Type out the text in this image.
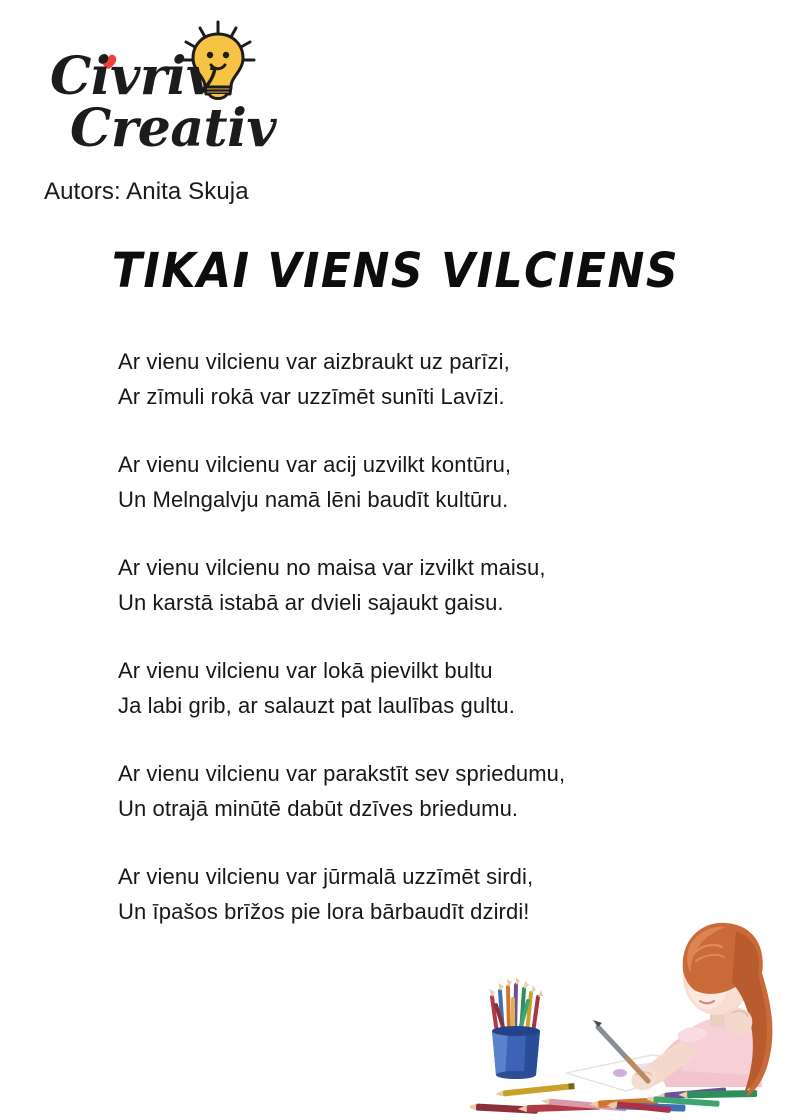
Civriv
Creativ
Autors: Anita Skuja
TIKAI VIENS VILCIENS
Ar vienu vilcienu var aizbraukt uz parīzi,
Ar zīmuli rokā var uzzīmēt sunīti Lavīzi.
Ar vienu vilcienu var acij uzvilkt kontūru,
Un Melngalvju namā lēni baudīt kultūru.
Ar vienu vilcienu no maisa var izvilkt maisu,
Un karstā istabā ar dvieli sajaukt gaisu.
Ar vienu vilcienu var lokā pievilkt bultu
Ja labi grib, ar salauzt pat laulības gultu.
Ar vienu vilcienu var parakstīt sev spriedumu,
Un otrajā minūtē dabūt dzīves briedumu.
Ar vienu vilcienu var jūrmalā uzzīmēt sirdi,
Un īpašos brīžos pie lora bārbaudīt dzirdi!
